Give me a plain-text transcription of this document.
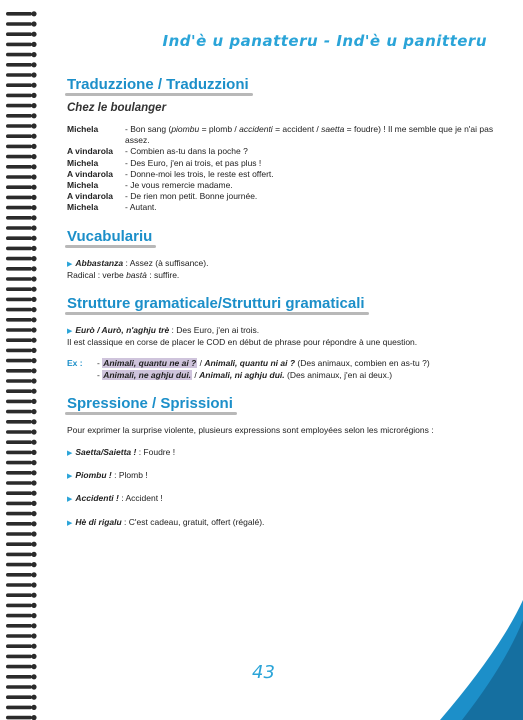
Ind'è u panatteru - Ind'è u panitteru
Traduzzione / Traduzzioni
Chez le boulanger
Michela	- Bon sang (piombu = plomb / accidenti = accident / saetta = foudre) ! Il me semble que je n'ai pas assez.
A vindarola	- Combien as-tu dans la poche ?
Michela	- Des Euro, j'en ai trois, et pas plus !
A vindarola	- Donne-moi les trois, le reste est offert.
Michela	- Je vous remercie madame.
A vindarola	- De rien mon petit. Bonne journée.
Michela	- Autant.
Vucabulariu
▶ Abbastanza : Assez (à suffisance).
Radical : verbe bastà : suffire.
Strutture gramaticale/Strutturi gramaticali
▶ Eurò / Aurò, n'aghju trè : Des Euro, j'en ai trois.
Il est classique en corse de placer le COD en début de phrase pour répondre à une question.
Ex :	- Animali, quantu ne ai ? / Animali, quantu ni ai ? (Des animaux, combien en as-tu ?)
- Animali, ne aghju dui. / Animali, ni aghju dui. (Des animaux, j'en ai deux.)
Spressione / Sprissioni
Pour exprimer la surprise violente, plusieurs expressions sont employées selon les microrégions :
▶ Saetta/Saietta ! : Foudre !
▶ Piombu ! : Plomb !
▶ Accidenti ! : Accident !
▶ Hè di rigalu : C'est cadeau, gratuit, offert (régalé).
43
